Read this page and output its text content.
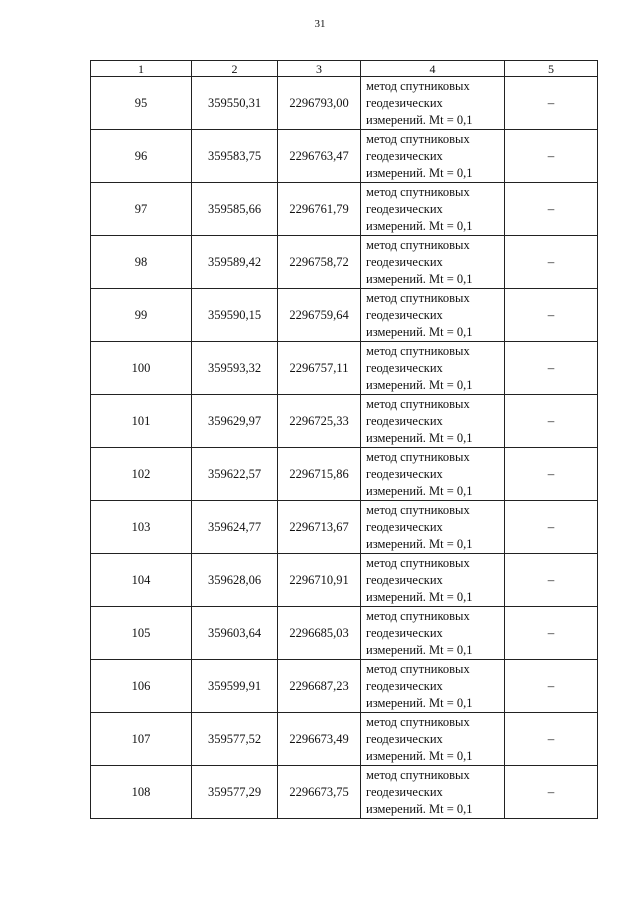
31
1	2	3	4	5
95	359550,31	2296793,00	метод спутниковых
геодезических
измерений. Mt = 0,1	–
96	359583,75	2296763,47	метод спутниковых
геодезических
измерений. Mt = 0,1	–
97	359585,66	2296761,79	метод спутниковых
геодезических
измерений. Mt = 0,1	–
98	359589,42	2296758,72	метод спутниковых
геодезических
измерений. Mt = 0,1	–
99	359590,15	2296759,64	метод спутниковых
геодезических
измерений. Mt = 0,1	–
100	359593,32	2296757,11	метод спутниковых
геодезических
измерений. Mt = 0,1	–
101	359629,97	2296725,33	метод спутниковых
геодезических
измерений. Mt = 0,1	–
102	359622,57	2296715,86	метод спутниковых
геодезических
измерений. Mt = 0,1	–
103	359624,77	2296713,67	метод спутниковых
геодезических
измерений. Mt = 0,1	–
104	359628,06	2296710,91	метод спутниковых
геодезических
измерений. Mt = 0,1	–
105	359603,64	2296685,03	метод спутниковых
геодезических
измерений. Mt = 0,1	–
106	359599,91	2296687,23	метод спутниковых
геодезических
измерений. Mt = 0,1	–
107	359577,52	2296673,49	метод спутниковых
геодезических
измерений. Mt = 0,1	–
108	359577,29	2296673,75	метод спутниковых
геодезических
измерений. Mt = 0,1	–
